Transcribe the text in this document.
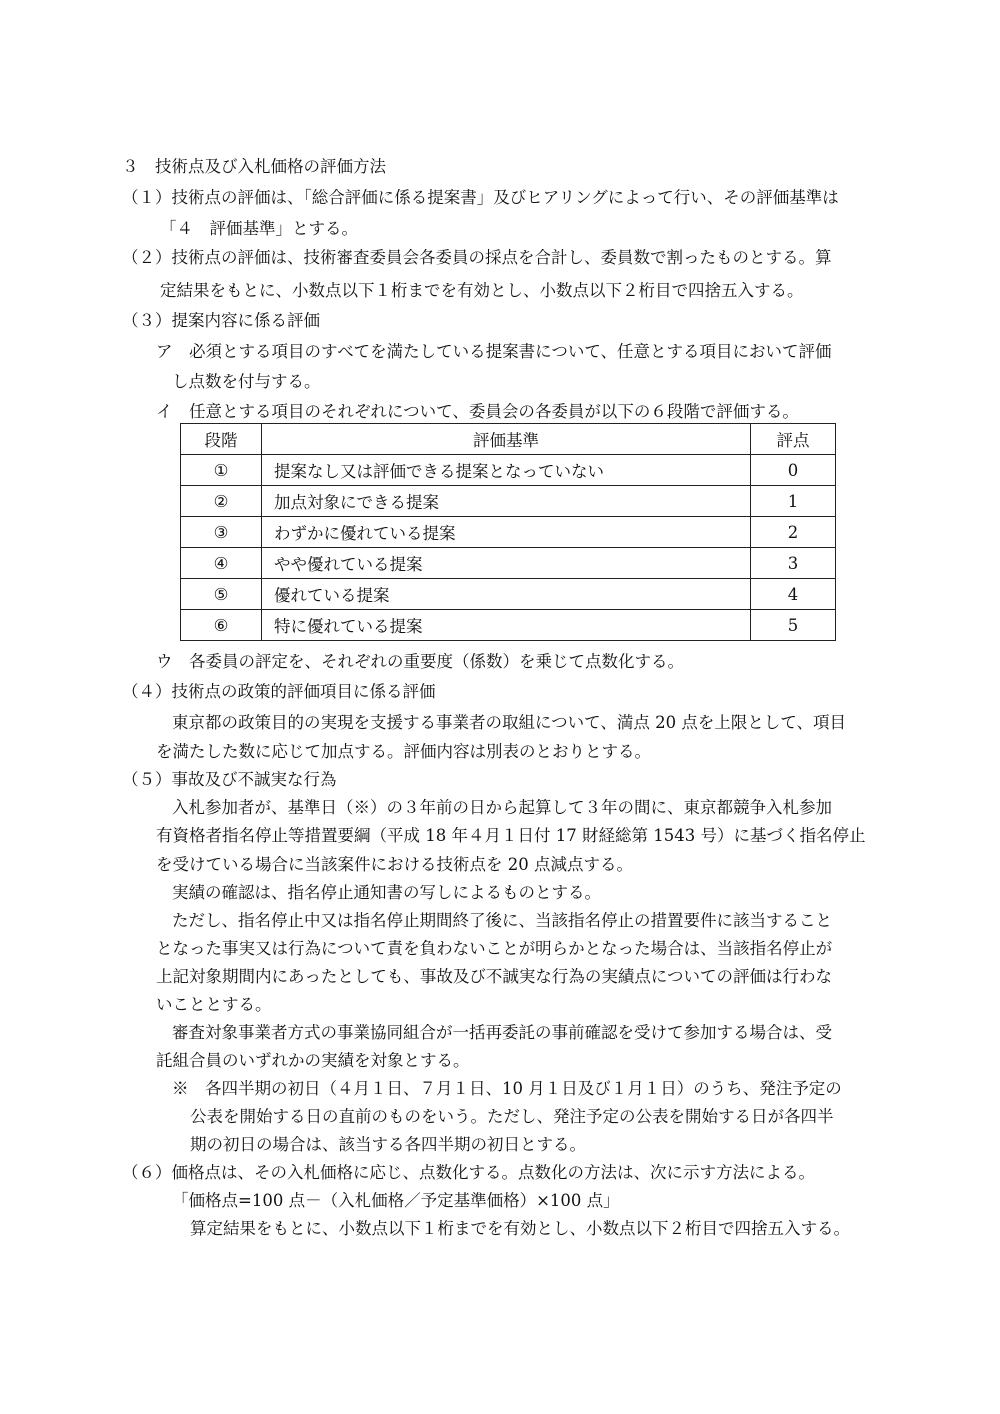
３　技術点及び入札価格の評価方法
（１）技術点の評価は、「総合評価に係る提案書」及びヒアリングによって行い、その評価基準は
「４　評価基準」とする。
（２）技術点の評価は、技術審査委員会各委員の採点を合計し、委員数で割ったものとする。算
定結果をもとに、小数点以下１桁までを有効とし、小数点以下２桁目で四捨五入する。
（３）提案内容に係る評価
ア　必須とする項目のすべてを満たしている提案書について、任意とする項目において評価
し点数を付与する。
イ　任意とする項目のそれぞれについて、委員会の各委員が以下の６段階で評価する。
段階	評価基準	評点
①	提案なし又は評価できる提案となっていない	0
②	加点対象にできる提案	1
③	わずかに優れている提案	2
④	やや優れている提案	3
⑤	優れている提案	4
⑥	特に優れている提案	5
ウ　各委員の評定を、それぞれの重要度（係数）を乗じて点数化する。
（４）技術点の政策的評価項目に係る評価
東京都の政策目的の実現を支援する事業者の取組について、満点 20 点を上限として、項目
を満たした数に応じて加点する。評価内容は別表のとおりとする。
（５）事故及び不誠実な行為
入札参加者が、基準日（※）の３年前の日から起算して３年の間に、東京都競争入札参加
有資格者指名停止等措置要綱（平成 18 年４月１日付 17 財経総第 1543 号）に基づく指名停止
を受けている場合に当該案件における技術点を 20 点減点する。
実績の確認は、指名停止通知書の写しによるものとする。
ただし、指名停止中又は指名停止期間終了後に、当該指名停止の措置要件に該当すること
となった事実又は行為について責を負わないことが明らかとなった場合は、当該指名停止が
上記対象期間内にあったとしても、事故及び不誠実な行為の実績点についての評価は行わな
いこととする。
審査対象事業者方式の事業協同組合が一括再委託の事前確認を受けて参加する場合は、受
託組合員のいずれかの実績を対象とする。
※　各四半期の初日（４月１日、７月１日、10 月１日及び１月１日）のうち、発注予定の
公表を開始する日の直前のものをいう。ただし、発注予定の公表を開始する日が各四半
期の初日の場合は、該当する各四半期の初日とする。
（６）価格点は、その入札価格に応じ、点数化する。点数化の方法は、次に示す方法による。
「価格点=100 点－（入札価格／予定基準価格）×100 点」
算定結果をもとに、小数点以下１桁までを有効とし、小数点以下２桁目で四捨五入する。
